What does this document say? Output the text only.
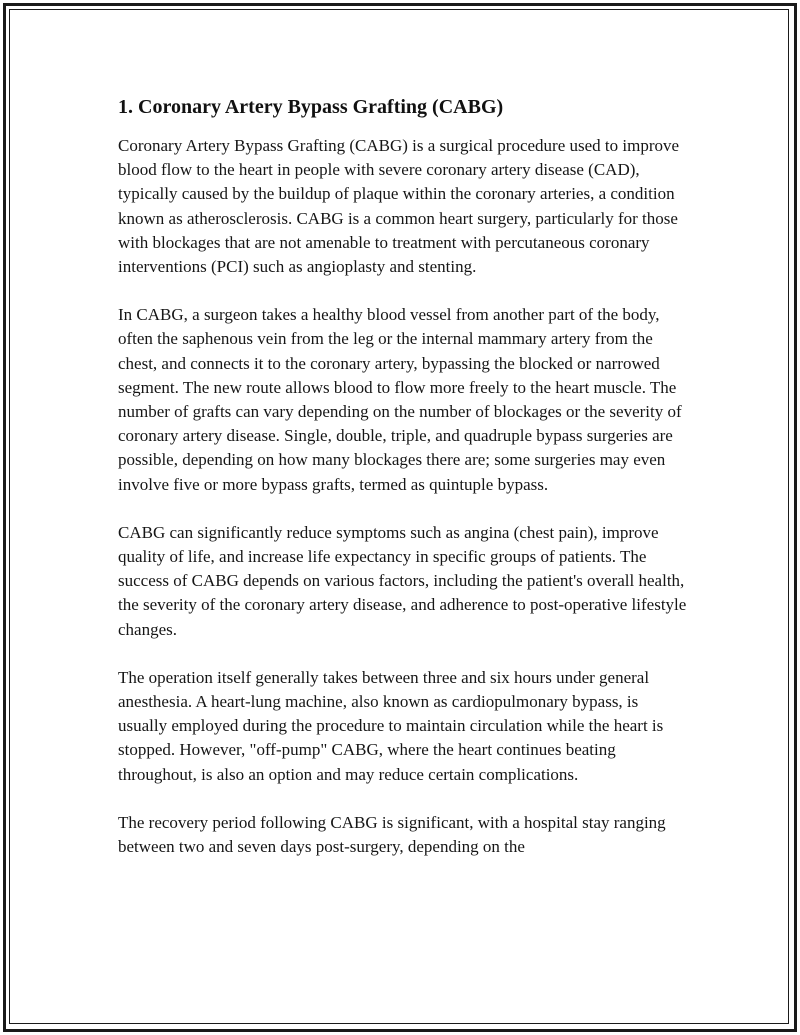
1. Coronary Artery Bypass Grafting (CABG)

Coronary Artery Bypass Grafting (CABG) is a surgical procedure used to improve blood flow to the heart in people with severe coronary artery disease (CAD), typically caused by the buildup of plaque within the coronary arteries, a condition known as atherosclerosis. CABG is a common heart surgery, particularly for those with blockages that are not amenable to treatment with percutaneous coronary interventions (PCI) such as angioplasty and stenting.

In CABG, a surgeon takes a healthy blood vessel from another part of the body, often the saphenous vein from the leg or the internal mammary artery from the chest, and connects it to the coronary artery, bypassing the blocked or narrowed segment. The new route allows blood to flow more freely to the heart muscle. The number of grafts can vary depending on the number of blockages or the severity of coronary artery disease. Single, double, triple, and quadruple bypass surgeries are possible, depending on how many blockages there are; some surgeries may even involve five or more bypass grafts, termed as quintuple bypass.

CABG can significantly reduce symptoms such as angina (chest pain), improve quality of life, and increase life expectancy in specific groups of patients. The success of CABG depends on various factors, including the patient's overall health, the severity of the coronary artery disease, and adherence to post-operative lifestyle changes.

The operation itself generally takes between three and six hours under general anesthesia. A heart-lung machine, also known as cardiopulmonary bypass, is usually employed during the procedure to maintain circulation while the heart is stopped. However, "off-pump" CABG, where the heart continues beating throughout, is also an option and may reduce certain complications.

The recovery period following CABG is significant, with a hospital stay ranging between two and seven days post-surgery, depending on the
